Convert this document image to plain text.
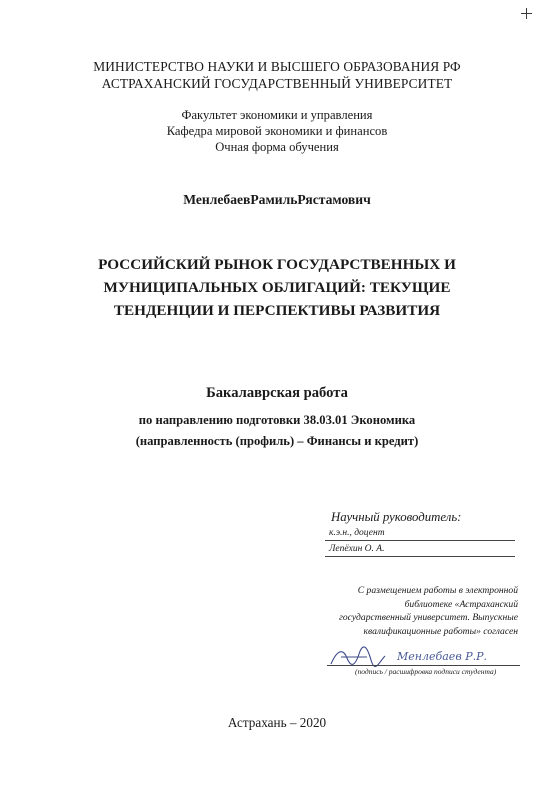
МИНИСТЕРСТВО НАУКИ И ВЫСШЕГО ОБРАЗОВАНИЯ РФ
АСТРАХАНСКИЙ ГОСУДАРСТВЕННЫЙ УНИВЕРСИТЕТ
Факультет экономики и управления
Кафедра мировой экономики и финансов
Очная форма обучения
МенлебаевРамильРястамович
РОССИЙСКИЙ РЫНОК ГОСУДАРСТВЕННЫХ И
МУНИЦИПАЛЬНЫХ ОБЛИГАЦИЙ: ТЕКУЩИЕ
ТЕНДЕНЦИИ И ПЕРСПЕКТИВЫ РАЗВИТИЯ
Бакалаврская работа
по направлению подготовки 38.03.01 Экономика
(направленность (профиль) – Финансы и кредит)
Научный руководитель:
к.э.н., доцент
Лепёхин О. А.
С размещением работы в электронной
библиотеке «Астраханский
государственный университет. Выпускные
квалификационные работы» согласен
Менлебаев Р.Р.
(подпись / расшифровка подписи студента)
Астрахань – 2020
